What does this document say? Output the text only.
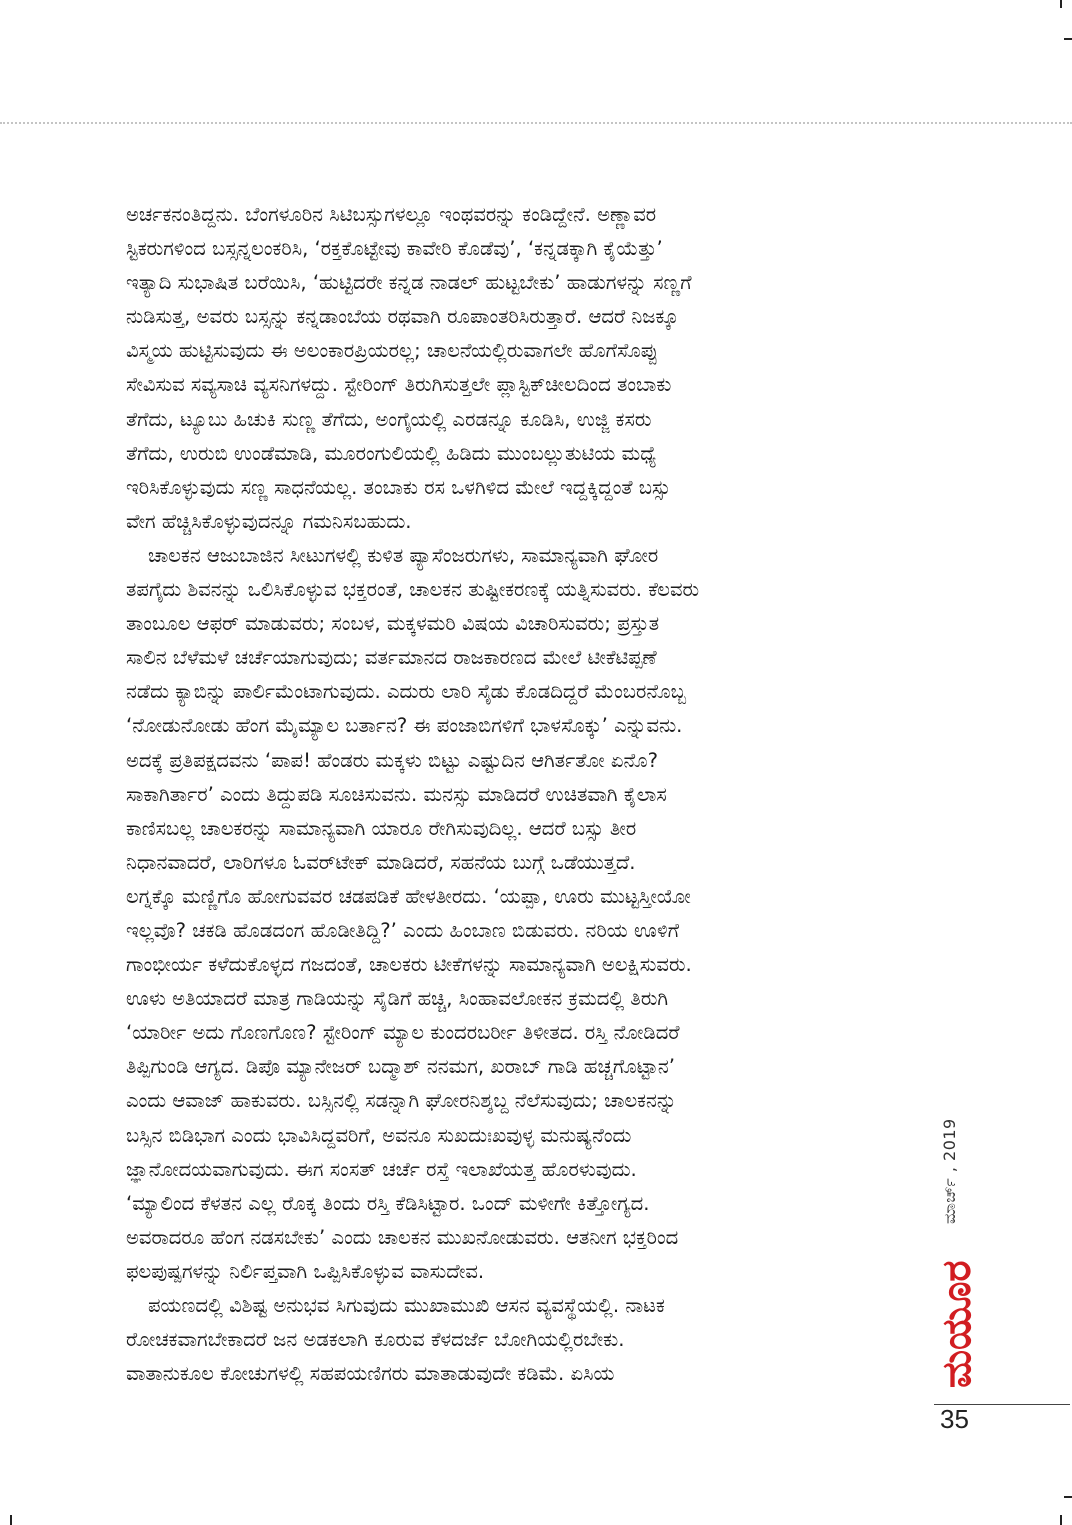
ಅರ್ಚಕನಂತಿದ್ದನು. ಬೆಂಗಳೂರಿನ ಸಿಟಿಬಸ್ಸುಗಳಲ್ಲೂ ಇಂಥವರನ್ನು ಕಂಡಿದ್ದೇನೆ. ಅಣ್ಣಾವರ

ಸ್ಟಿಕರುಗಳಿಂದ ಬಸ್ಸನ್ನಲಂಕರಿಸಿ, ‘ರಕ್ತಕೊಟ್ಟೇವು ಕಾವೇರಿ ಕೊಡೆವು’, ‘ಕನ್ನಡಕ್ಕಾಗಿ ಕೈಯೆತ್ತು’

ಇತ್ಯಾದಿ ಸುಭಾಷಿತ ಬರೆಯಿಸಿ, ‘ಹುಟ್ಟಿದರೇ ಕನ್ನಡ ನಾಡಲ್ ಹುಟ್ಟಬೇಕು’ ಹಾಡುಗಳನ್ನು ಸಣ್ಣಗೆ

ನುಡಿಸುತ್ತ, ಅವರು ಬಸ್ಸನ್ನು ಕನ್ನಡಾಂಬೆಯ ರಥವಾಗಿ ರೂಪಾಂತರಿಸಿರುತ್ತಾರೆ. ಆದರೆ ನಿಜಕ್ಕೂ

ವಿಸ್ಮಯ ಹುಟ್ಟಿಸುವುದು ಈ ಅಲಂಕಾರಪ್ರಿಯರಲ್ಲ; ಚಾಲನೆಯಲ್ಲಿರುವಾಗಲೇ ಹೊಗೆಸೊಪ್ಪು

ಸೇವಿಸುವ ಸವ್ಯಸಾಚಿ ವ್ಯಸನಿಗಳದ್ದು. ಸ್ಟೇರಿಂಗ್ ತಿರುಗಿಸುತ್ತಲೇ ಪ್ಲಾಸ್ಟಿಕ್‌ಚೀಲದಿಂದ ತಂಬಾಕು

ತೆಗೆದು, ಟ್ಯೂಬು ಹಿಚುಕಿ ಸುಣ್ಣ ತೆಗೆದು, ಅಂಗೈಯಲ್ಲಿ ಎರಡನ್ನೂ ಕೂಡಿಸಿ, ಉಜ್ಜಿ ಕಸರು

ತೆಗೆದು, ಉರುಬಿ ಉಂಡೆಮಾಡಿ, ಮೂರಂಗುಲಿಯಲ್ಲಿ ಹಿಡಿದು ಮುಂಬಲ್ಲುತುಟಿಯ ಮಧ್ಯೆ

ಇರಿಸಿಕೊಳ್ಳುವುದು ಸಣ್ಣ ಸಾಧನೆಯಲ್ಲ. ತಂಬಾಕು ರಸ ಒಳಗಿಳಿದ ಮೇಲೆ ಇದ್ದಕ್ಕಿದ್ದಂತೆ ಬಸ್ಸು

ವೇಗ ಹೆಚ್ಚಿಸಿಕೊಳ್ಳುವುದನ್ನೂ ಗಮನಿಸಬಹುದು.

ಚಾಲಕನ ಆಜುಬಾಜಿನ ಸೀಟುಗಳಲ್ಲಿ ಕುಳಿತ ಪ್ಯಾಸೆಂಜರುಗಳು, ಸಾಮಾನ್ಯವಾಗಿ ಘೋರ

ತಪಗೈದು ಶಿವನನ್ನು ಒಲಿಸಿಕೊಳ್ಳುವ ಭಕ್ತರಂತೆ, ಚಾಲಕನ ತುಷ್ಟೀಕರಣಕ್ಕೆ ಯತ್ನಿಸುವರು. ಕೆಲವರು

ತಾಂಬೂಲ ಆಫರ್ ಮಾಡುವರು; ಸಂಬಳ, ಮಕ್ಕಳಮರಿ ವಿಷಯ ವಿಚಾರಿಸುವರು; ಪ್ರಸ್ತುತ

ಸಾಲಿನ ಬೆಳೆಮಳೆ ಚರ್ಚೆಯಾಗುವುದು; ವರ್ತಮಾನದ ರಾಜಕಾರಣದ ಮೇಲೆ ಟೀಕೆಟಿಪ್ಪಣೆ

ನಡೆದು ಕ್ಯಾಬಿನ್ನು ಪಾರ್ಲಿಮೆಂಟಾಗುವುದು. ಎದುರು ಲಾರಿ ಸೈಡು ಕೊಡದಿದ್ದರೆ ಮೆಂಬರನೊಬ್ಬ

‘ನೋಡುನೋಡು ಹೆಂಗ ಮೈಮ್ಯಾಲ ಬರ್ತಾನ? ಈ ಪಂಜಾಬಿಗಳಿಗೆ ಭಾಳಸೊಕ್ಕು’ ಎನ್ನುವನು.

ಅದಕ್ಕೆ ಪ್ರತಿಪಕ್ಷದವನು ‘ಪಾಪ! ಹೆಂಡರು ಮಕ್ಕಳು ಬಿಟ್ಟು ಎಷ್ಟುದಿನ ಆಗಿರ್ತತೋ ಏನೊ?

ಸಾಕಾಗಿರ್ತಾರ’ ಎಂದು ತಿದ್ದುಪಡಿ ಸೂಚಿಸುವನು. ಮನಸ್ಸು ಮಾಡಿದರೆ ಉಚಿತವಾಗಿ ಕೈಲಾಸ

ಕಾಣಿಸಬಲ್ಲ ಚಾಲಕರನ್ನು ಸಾಮಾನ್ಯವಾಗಿ ಯಾರೂ ರೇಗಿಸುವುದಿಲ್ಲ. ಆದರೆ ಬಸ್ಸು ತೀರ

ನಿಧಾನವಾದರೆ, ಲಾರಿಗಳೂ ಓವರ್‌ಟೇಕ್ ಮಾಡಿದರೆ, ಸಹನೆಯ ಬುಗ್ಗೆ ಒಡೆಯುತ್ತದೆ.

ಲಗ್ನಕ್ಕೊ ಮಣ್ಣಿಗೊ ಹೋಗುವವರ ಚಡಪಡಿಕೆ ಹೇಳತೀರದು. ‘ಯಪ್ಪಾ, ಊರು ಮುಟ್ಟಸ್ತೀಯೋ

ಇಲ್ಲವೊ? ಚಕಡಿ ಹೊಡದಂಗ ಹೊಡೀತಿದ್ದಿ?’ ಎಂದು ಹಿಂಬಾಣ ಬಿಡುವರು. ನರಿಯ ಊಳಿಗೆ

ಗಾಂಭೀರ್ಯ ಕಳೆದುಕೊಳ್ಳದ ಗಜದಂತೆ, ಚಾಲಕರು ಟೀಕೆಗಳನ್ನು ಸಾಮಾನ್ಯವಾಗಿ ಅಲಕ್ಷಿಸುವರು.

ಊಳು ಅತಿಯಾದರೆ ಮಾತ್ರ ಗಾಡಿಯನ್ನು ಸೈಡಿಗೆ ಹಚ್ಚಿ, ಸಿಂಹಾವಲೋಕನ ಕ್ರಮದಲ್ಲಿ ತಿರುಗಿ

‘ಯಾರ್ರೀ ಅದು ಗೊಣಗೊಣ? ಸ್ಟೇರಿಂಗ್ ಮ್ಯಾಲ ಕುಂದರಬರ್ರೀ ತಿಳೀತದ. ರಸ್ತಿ ನೋಡಿದರೆ

ತಿಪ್ಪಿಗುಂಡಿ ಆಗ್ಯದ. ಡಿಪೊ ಮ್ಯಾನೇಜರ್ ಬದ್ಮಾಶ್ ನನಮಗ, ಖರಾಬ್ ಗಾಡಿ ಹಚ್ಚಗೊಟ್ಟಾನ’

ಎಂದು ಆವಾಜ್ ಹಾಕುವರು. ಬಸ್ಸಿನಲ್ಲಿ ಸಡನ್ನಾಗಿ ಘೋರನಿಶ್ಶಬ್ದ ನೆಲೆಸುವುದು; ಚಾಲಕನನ್ನು

ಬಸ್ಸಿನ ಬಿಡಿಭಾಗ ಎಂದು ಭಾವಿಸಿದ್ದವರಿಗೆ, ಅವನೂ ಸುಖದುಃಖವುಳ್ಳ ಮನುಷ್ಯನೆಂದು

ಜ್ಞಾನೋದಯವಾಗುವುದು. ಈಗ ಸಂಸತ್ ಚರ್ಚೆ ರಸ್ತೆ ಇಲಾಖೆಯತ್ತ ಹೊರಳುವುದು.

‘ಮ್ಯಾಲಿಂದ ಕೆಳತನ ಎಲ್ಲ ರೊಕ್ಕ ತಿಂದು ರಸ್ತಿ ಕೆಡಿಸಿಟ್ಟಾರ. ಒಂದ್ ಮಳೀಗೇ ಕಿತ್ತೋಗ್ಯದ.

ಅವರಾದರೂ ಹೆಂಗ ನಡಸಬೇಕು’ ಎಂದು ಚಾಲಕನ ಮುಖನೋಡುವರು. ಆತನೀಗ ಭಕ್ತರಿಂದ

ಫಲಪುಷ್ಪಗಳನ್ನು ನಿರ್ಲಿಪ್ತವಾಗಿ ಒಪ್ಪಿಸಿಕೊಳ್ಳುವ ವಾಸುದೇವ.

ಪಯಣದಲ್ಲಿ ವಿಶಿಷ್ಟ ಅನುಭವ ಸಿಗುವುದು ಮುಖಾಮುಖಿ ಆಸನ ವ್ಯವಸ್ಥೆಯಲ್ಲಿ. ನಾಟಕ

ರೋಚಕವಾಗಬೇಕಾದರೆ ಜನ ಅಡಕಲಾಗಿ ಕೂರುವ ಕೆಳದರ್ಜೆ ಬೋಗಿಯಲ್ಲಿರಬೇಕು.

ವಾತಾನುಕೂಲ ಕೋಚುಗಳಲ್ಲಿ ಸಹಪಯಣಿಗರು ಮಾತಾಡುವುದೇ ಕಡಿಮೆ. ಏಸಿಯ

ಮಾರ್ಚ್ , 2019
ಮಯೂರ
35
